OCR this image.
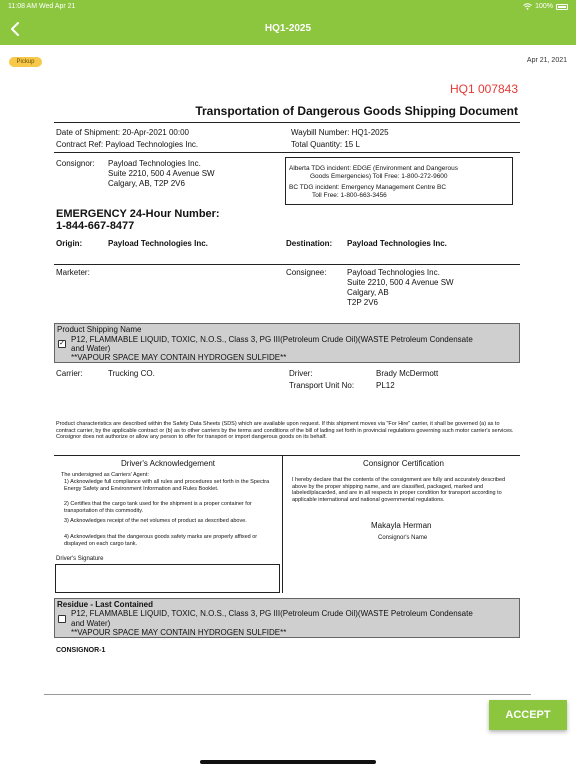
11:08 AM Wed Apr 21	100%
HQ1-2025
Pickup	Apr 21, 2021
HQ1 007843
Transportation of Dangerous Goods Shipping Document
Date of Shipment: 20-Apr-2021 00:00
Contract Ref: Payload Technologies Inc.
Waybill Number: HQ1-2025
Total Quantity: 15 L
Consignor: Payload Technologies Inc.
Suite 2210, 500 4 Avenue SW
Calgary, AB, T2P 2V6
Alberta TDG incident: EDGE (Environment and Dangerous
Goods Emergencies) Toll Free: 1-800-272-9600
BC TDG incident: Emergency Management Centre BC
Toll Free: 1-800-663-3456
EMERGENCY 24-Hour Number:
1-844-667-8477
Origin:	Payload Technologies Inc.	Destination: Payload Technologies Inc.
Marketer:	Consignee:	Payload Technologies Inc.
Suite 2210, 500 4 Avenue SW
Calgary, AB
T2P 2V6
Product Shipping Name
✓ P12, FLAMMABLE LIQUID, TOXIC, N.O.S., Class 3, PG III(Petroleum Crude Oil)(WASTE Petroleum Condensate
and Water)
**VAPOUR SPACE MAY CONTAIN HYDROGEN SULFIDE**
Carrier:	Trucking CO.	Driver:	Brady McDermott
Transport Unit No:	PL12
Product characteristics are described within the Safety Data Sheets (SDS) which are available upon request. If this shipment moves via "For Hire" carrier, it shall be governed (a) as to contract carrier, by the applicable contract or (b) as to other carriers by the terms and conditions of the bill of lading set forth in provincial regulations governing such motor carrier's services. Consignor does not authorize or allow any person to offer for transport or import dangerous goods on its behalf.
Driver's Acknowledgement	Consignor Certification
The undersigned as Carriers' Agent:
1) Acknowledge full compliance with all rules and procedures set forth in the Spectra Energy Safety and Environment Information and Rules Booklet.
2) Certifies that the cargo tank used for the shipment is a proper container for transportation of this commodity.
3) Acknowledges receipt of the net volumes of product as described above.
4) Acknowledges that the dangerous goods safety marks are properly affixed or displayed on each cargo tank.
Driver's Signature
I hereby declare that the contents of the consignment are fully and accurately described above by the proper shipping name, and are classified, packaged, marked and labeled/placarded, and are in all respects in proper condition for transport according to applicable international and national governmental regulations.
Makayla Herman
Consignor's Name
Residue - Last Contained
P12, FLAMMABLE LIQUID, TOXIC, N.O.S., Class 3, PG III(Petroleum Crude Oil)(WASTE Petroleum Condensate
and Water)
**VAPOUR SPACE MAY CONTAIN HYDROGEN SULFIDE**
CONSIGNOR-1
ACCEPT
